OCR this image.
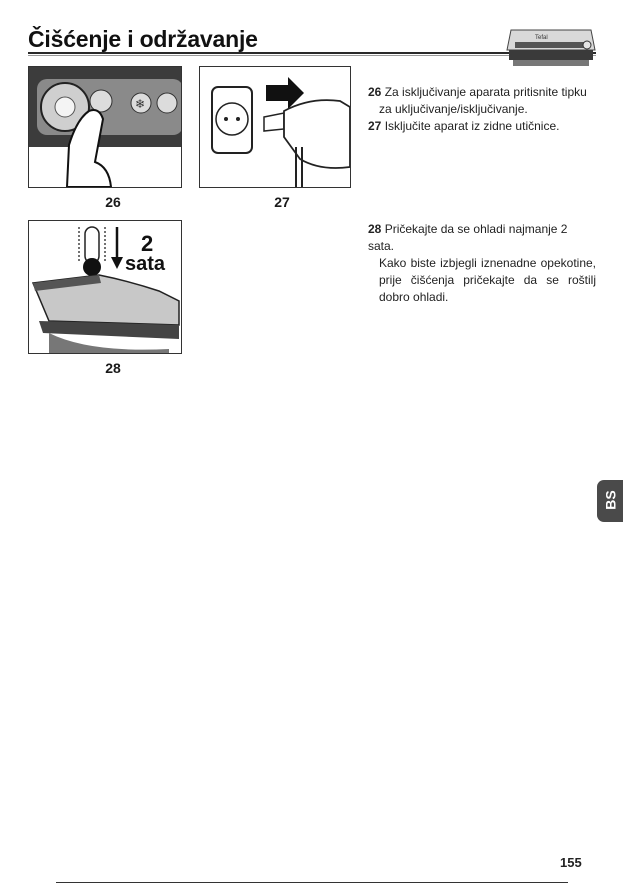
Čišćenje i održavanje	Tefal
❄
26	27
2
sata
28
26 Za isključivanje aparata pritisnite tipku
za uključivanje/isključivanje.
27 Isključite aparat iz zidne utičnice.
28 Pričekajte da se ohladi najmanje 2 sata.
Kako biste izbjegli iznenadne opekotine, prije čišćenja pričekajte da se roštilj dobro ohladi.
BS
155
